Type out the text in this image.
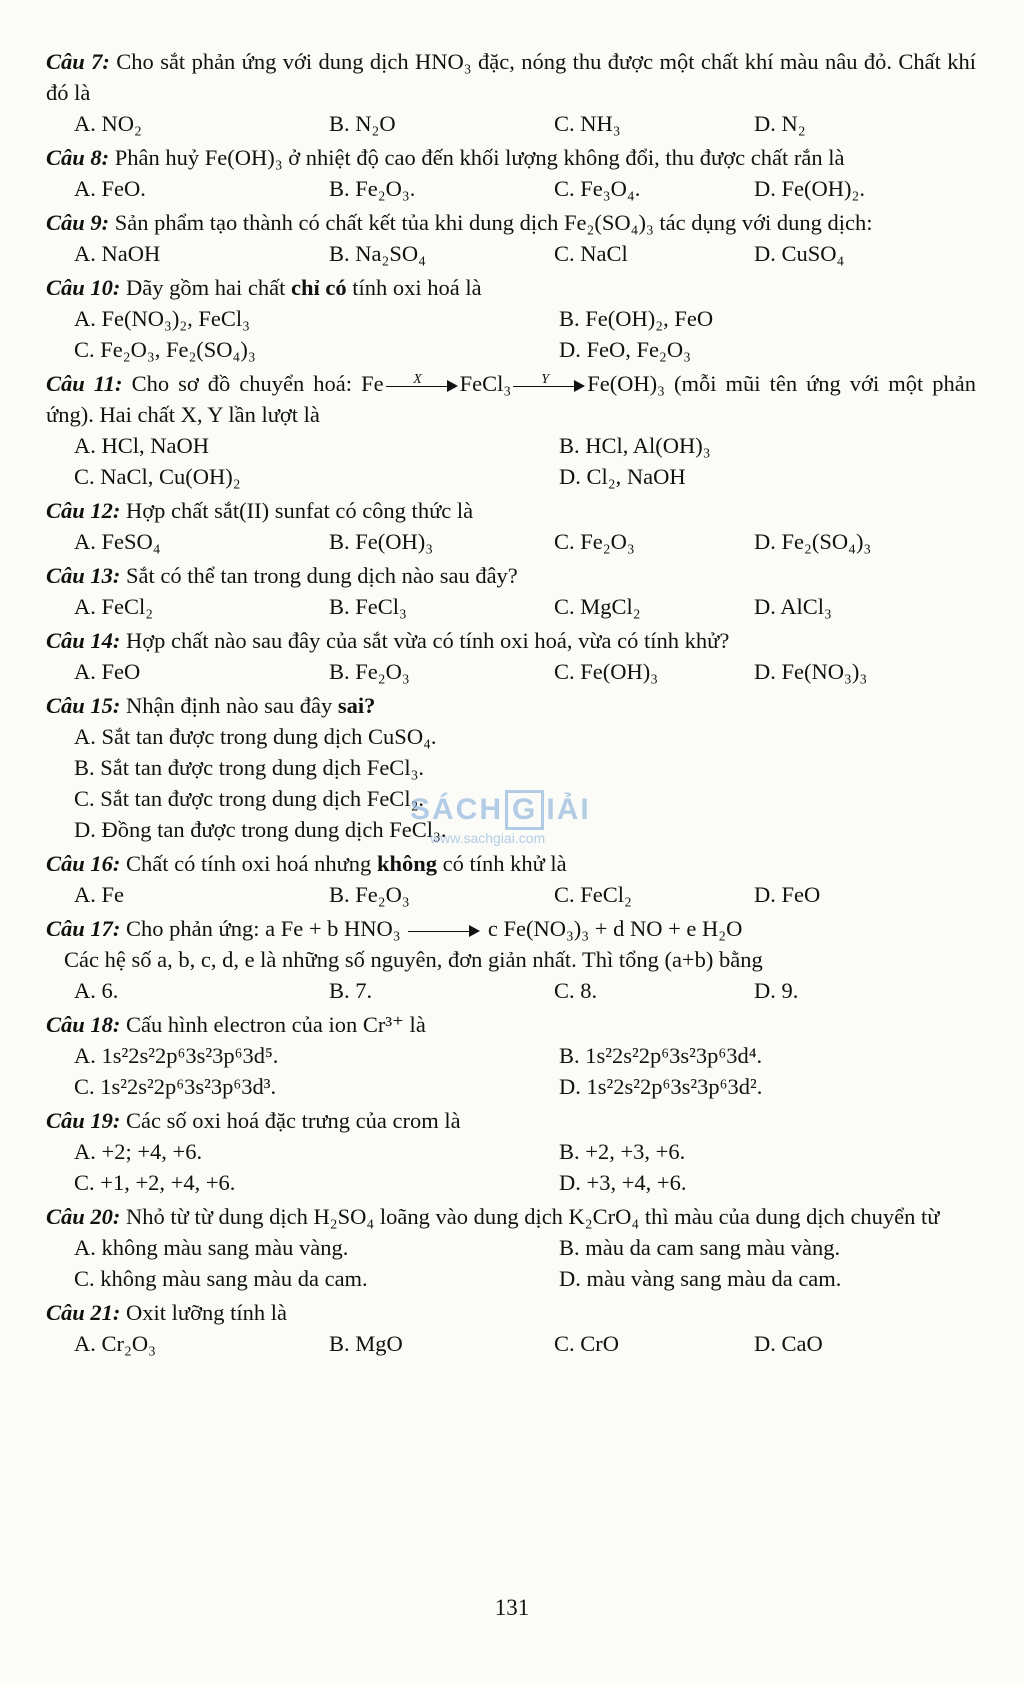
Câu 7: Cho sắt phản ứng với dung dịch HNO₃ đặc, nóng thu được một chất khí màu nâu đỏ. Chất khí đó là

A. NO₂	B. N₂O	C. NH₃	D. N₂

Câu 8: Phân huỷ Fe(OH)₃ ở nhiệt độ cao đến khối lượng không đổi, thu được chất rắn là

A. FeO.	B. Fe₂O₃.	C. Fe₃O₄.	D. Fe(OH)₂.

Câu 9: Sản phẩm tạo thành có chất kết tủa khi dung dịch Fe₂(SO₄)₃ tác dụng với dung dịch:

A. NaOH	B. Na₂SO₄	C. NaCl	D. CuSO₄

Câu 10: Dãy gồm hai chất chỉ có tính oxi hoá là

A. Fe(NO₃)₂, FeCl₃	B. Fe(OH)₂, FeO
C. Fe₂O₃, Fe₂(SO₄)₃	D. FeO, Fe₂O₃

Câu 11: Cho sơ đồ chuyển hoá: Fe	X	FeCl₃	Y	Fe(OH)₃ (mỗi mũi tên ứng với một phản ứng). Hai chất X, Y lần lượt là

A. HCl, NaOH	B. HCl, Al(OH)₃
C. NaCl, Cu(OH)₂	D. Cl₂, NaOH

Câu 12: Hợp chất sắt(II) sunfat có công thức là

A. FeSO₄	B. Fe(OH)₃	C. Fe₂O₃	D. Fe₂(SO₄)₃

Câu 13: Sắt có thể tan trong dung dịch nào sau đây?

A. FeCl₂	B. FeCl₃	C. MgCl₂	D. AlCl₃

Câu 14: Hợp chất nào sau đây của sắt vừa có tính oxi hoá, vừa có tính khử?

A. FeO	B. Fe₂O₃	C. Fe(OH)₃	D. Fe(NO₃)₃

Câu 15: Nhận định nào sau đây sai?

A. Sắt tan được trong dung dịch CuSO₄.
B. Sắt tan được trong dung dịch FeCl₃.
C. Sắt tan được trong dung dịch FeCl₂.
D. Đồng tan được trong dung dịch FeCl₃.

Câu 16: Chất có tính oxi hoá nhưng không có tính khử là

A. Fe	B. Fe₂O₃	C. FeCl₂	D. FeO

Câu 17: Cho phản ứng: a Fe + b HNO₃	c Fe(NO₃)₃ + d NO + e H₂O

Các hệ số a, b, c, d, e là những số nguyên, đơn giản nhất. Thì tổng (a+b) bằng

A. 6.	B. 7.	C. 8.	D. 9.

Câu 18: Cấu hình electron của ion Cr³⁺ là

A. 1s²2s²2p⁶3s²3p⁶3d⁵.	B. 1s²2s²2p⁶3s²3p⁶3d⁴.
C. 1s²2s²2p⁶3s²3p⁶3d³.	D. 1s²2s²2p⁶3s²3p⁶3d².

Câu 19: Các số oxi hoá đặc trưng của crom là

A. +2; +4, +6.	B. +2, +3, +6.
C. +1, +2, +4, +6.	D. +3, +4, +6.

Câu 20: Nhỏ từ từ dung dịch H₂SO₄ loãng vào dung dịch K₂CrO₄ thì màu của dung dịch chuyển từ

A. không màu sang màu vàng.	B. màu da cam sang màu vàng.
C. không màu sang màu da cam.	D. màu vàng sang màu da cam.

Câu 21: Oxit lưỡng tính là

A. Cr₂O₃	B. MgO	C. CrO	D. CaO
SÁCH G IẢI
www.sachgiai.com
131
